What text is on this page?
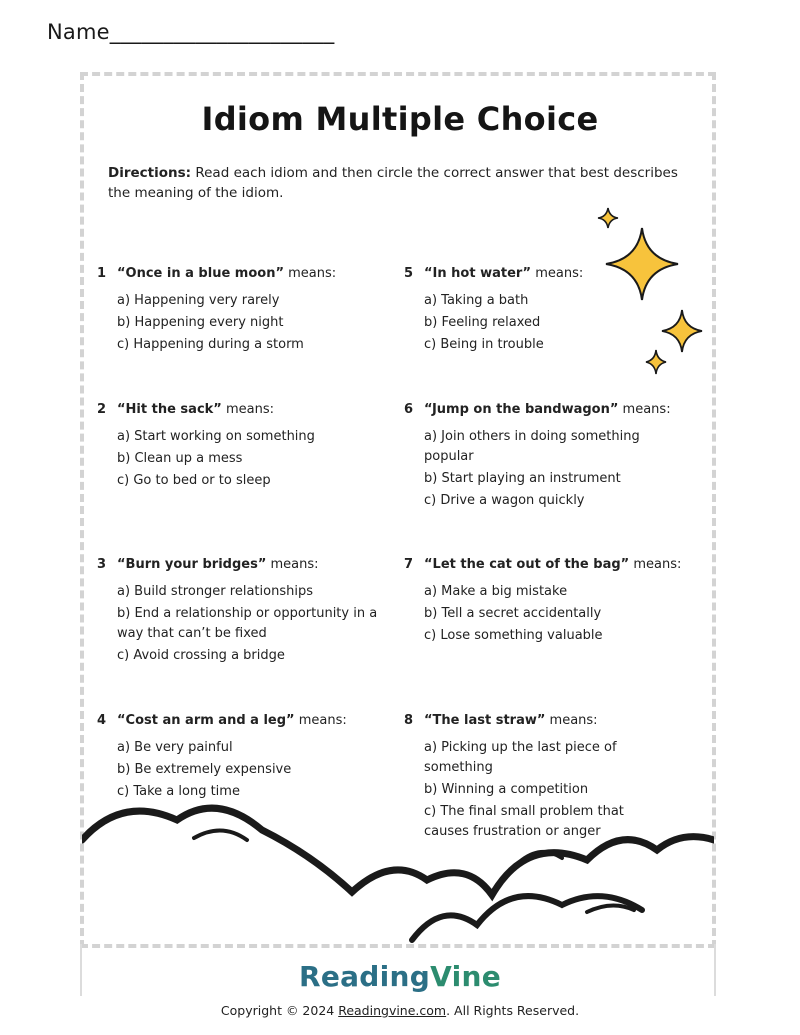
Name_____________________
Idiom Multiple Choice
Directions: Read each idiom and then circle the correct answer that best describes the meaning of the idiom.
1 “Once in a blue moon” means:
a) Happening very rarely
b) Happening every night
c) Happening during a storm
2 “Hit the sack” means:
a) Start working on something
b) Clean up a mess
c) Go to bed or to sleep
3 “Burn your bridges” means:
a) Build stronger relationships
b) End a relationship or opportunity in a way that can’t be fixed
c) Avoid crossing a bridge
4 “Cost an arm and a leg” means:
a) Be very painful
b) Be extremely expensive
c) Take a long time
5 “In hot water” means:
a) Taking a bath
b) Feeling relaxed
c) Being in trouble
6 “Jump on the bandwagon” means:
a) Join others in doing something popular
b) Start playing an instrument
c) Drive a wagon quickly
7 “Let the cat out of the bag” means:
a) Make a big mistake
b) Tell a secret accidentally
c) Lose something valuable
8 “The last straw” means:
a) Picking up the last piece of something
b) Winning a competition
c) The final small problem that causes frustration or anger
ReadingVine
Copyright © 2024 Readingvine.com. All Rights Reserved.
